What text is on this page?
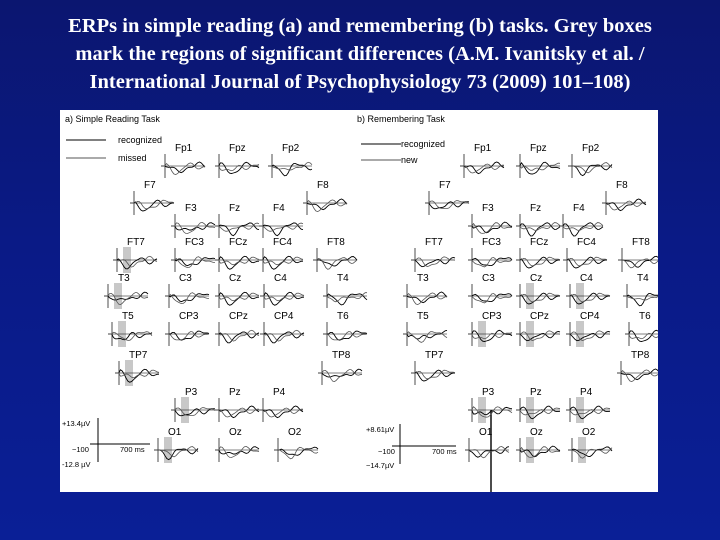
ERPs in simple reading (a) and remembering (b) tasks. Grey boxes
mark the regions of significant differences (A.M. Ivanitsky et al. /
International Journal of Psychophysiology 73 (2009) 101–108)
a) Simple Reading Task
recognized
missed
+13.4µV
−100
-12.8 µV
700 ms
b) Remembering Task
recognized
new
+8.61µV
−100
−14.7µV
700 ms
Fp1	Fpz	Fp2
F7
F3	Fz	F4
F8
FT7	FC3	FCz	FC4	FT8
T3	C3	Cz	C4	T4
T5	T6
CP3	CPz	CP4
TP7	TP8
P3	Pz	P4
O1	Oz	O2
Fp1	Fpz	Fp2
F7
F3	Fz	F4
F8
FT7	FC3	FCz	FC4	FT8
T3	C3	Cz	C4	T4
T5	T6
CP3	CPz	CP4
TP7	TP8
P3	Pz	P4
O1	Oz	O2
